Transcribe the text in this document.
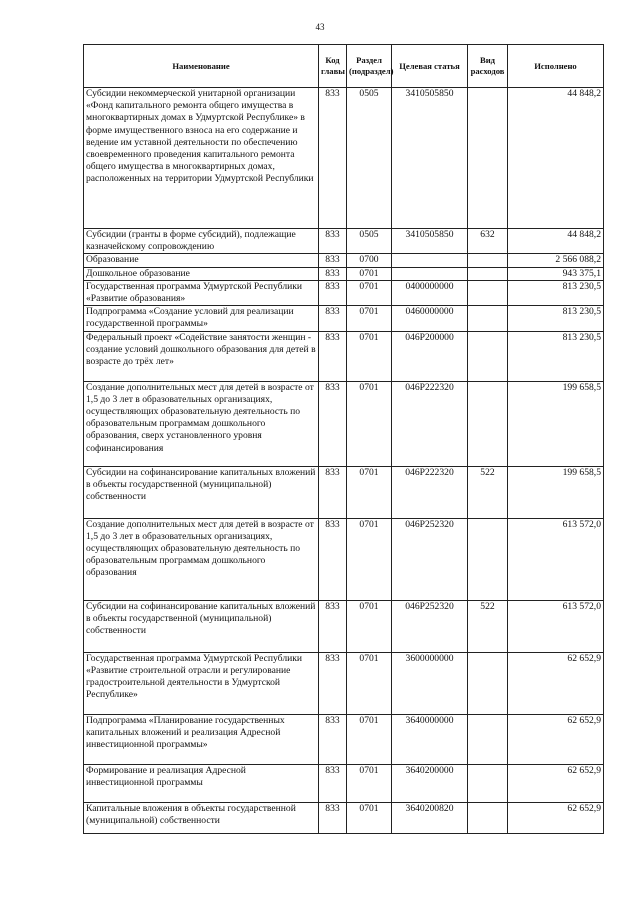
43
Наименование	Код главы	Раздел (подраздел)	Целевая статья	Вид расходов	Исполнено
Субсидии некоммерческой унитарной организации «Фонд капитального ремонта общего имущества в многоквартирных домах в Удмуртской Республике» в форме имущественного взноса на его содержание и ведение им уставной деятельности по обеспечению своевременного проведения капитального ремонта общего имущества в многоквартирных домах, расположенных на территории Удмуртской Республики	833	0505	3410505850		44 848,2
Субсидии (гранты в форме субсидий), подлежащие казначейскому сопровождению	833	0505	3410505850	632	44 848,2
Образование	833	0700			2 566 088,2
Дошкольное образование	833	0701			943 375,1
Государственная программа Удмуртской Республики «Развитие образования»	833	0701	0400000000		813 230,5
Подпрограмма «Создание условий для реализации государственной программы»	833	0701	0460000000		813 230,5
Федеральный проект «Содействие занятости женщин - создание условий дошкольного образования для детей в возрасте до трёх лет»	833	0701	046P200000		813 230,5
Создание дополнительных мест для детей в возрасте от 1,5 до 3 лет в образовательных организациях, осуществляющих образовательную деятельность по образовательным программам дошкольного образования, сверх установленного уровня софинансирования	833	0701	046P222320		199 658,5
Субсидии на софинансирование капитальных вложений в объекты государственной (муниципальной) собственности	833	0701	046P222320	522	199 658,5
Создание дополнительных мест для детей в возрасте от 1,5 до 3 лет в образовательных организациях, осуществляющих образовательную деятельность по образовательным программам дошкольного образования	833	0701	046P252320		613 572,0
Субсидии на софинансирование капитальных вложений в объекты государственной (муниципальной) собственности	833	0701	046P252320	522	613 572,0
Государственная программа Удмуртской Республики «Развитие строительной отрасли и регулирование градостроительной деятельности в Удмуртской Республике»	833	0701	3600000000		62 652,9
Подпрограмма «Планирование государственных капитальных вложений и реализация Адресной инвестиционной программы»	833	0701	3640000000		62 652,9
Формирование и реализация Адресной инвестиционной программы	833	0701	3640200000		62 652,9
Капитальные вложения в объекты государственной (муниципальной) собственности	833	0701	3640200820		62 652,9
